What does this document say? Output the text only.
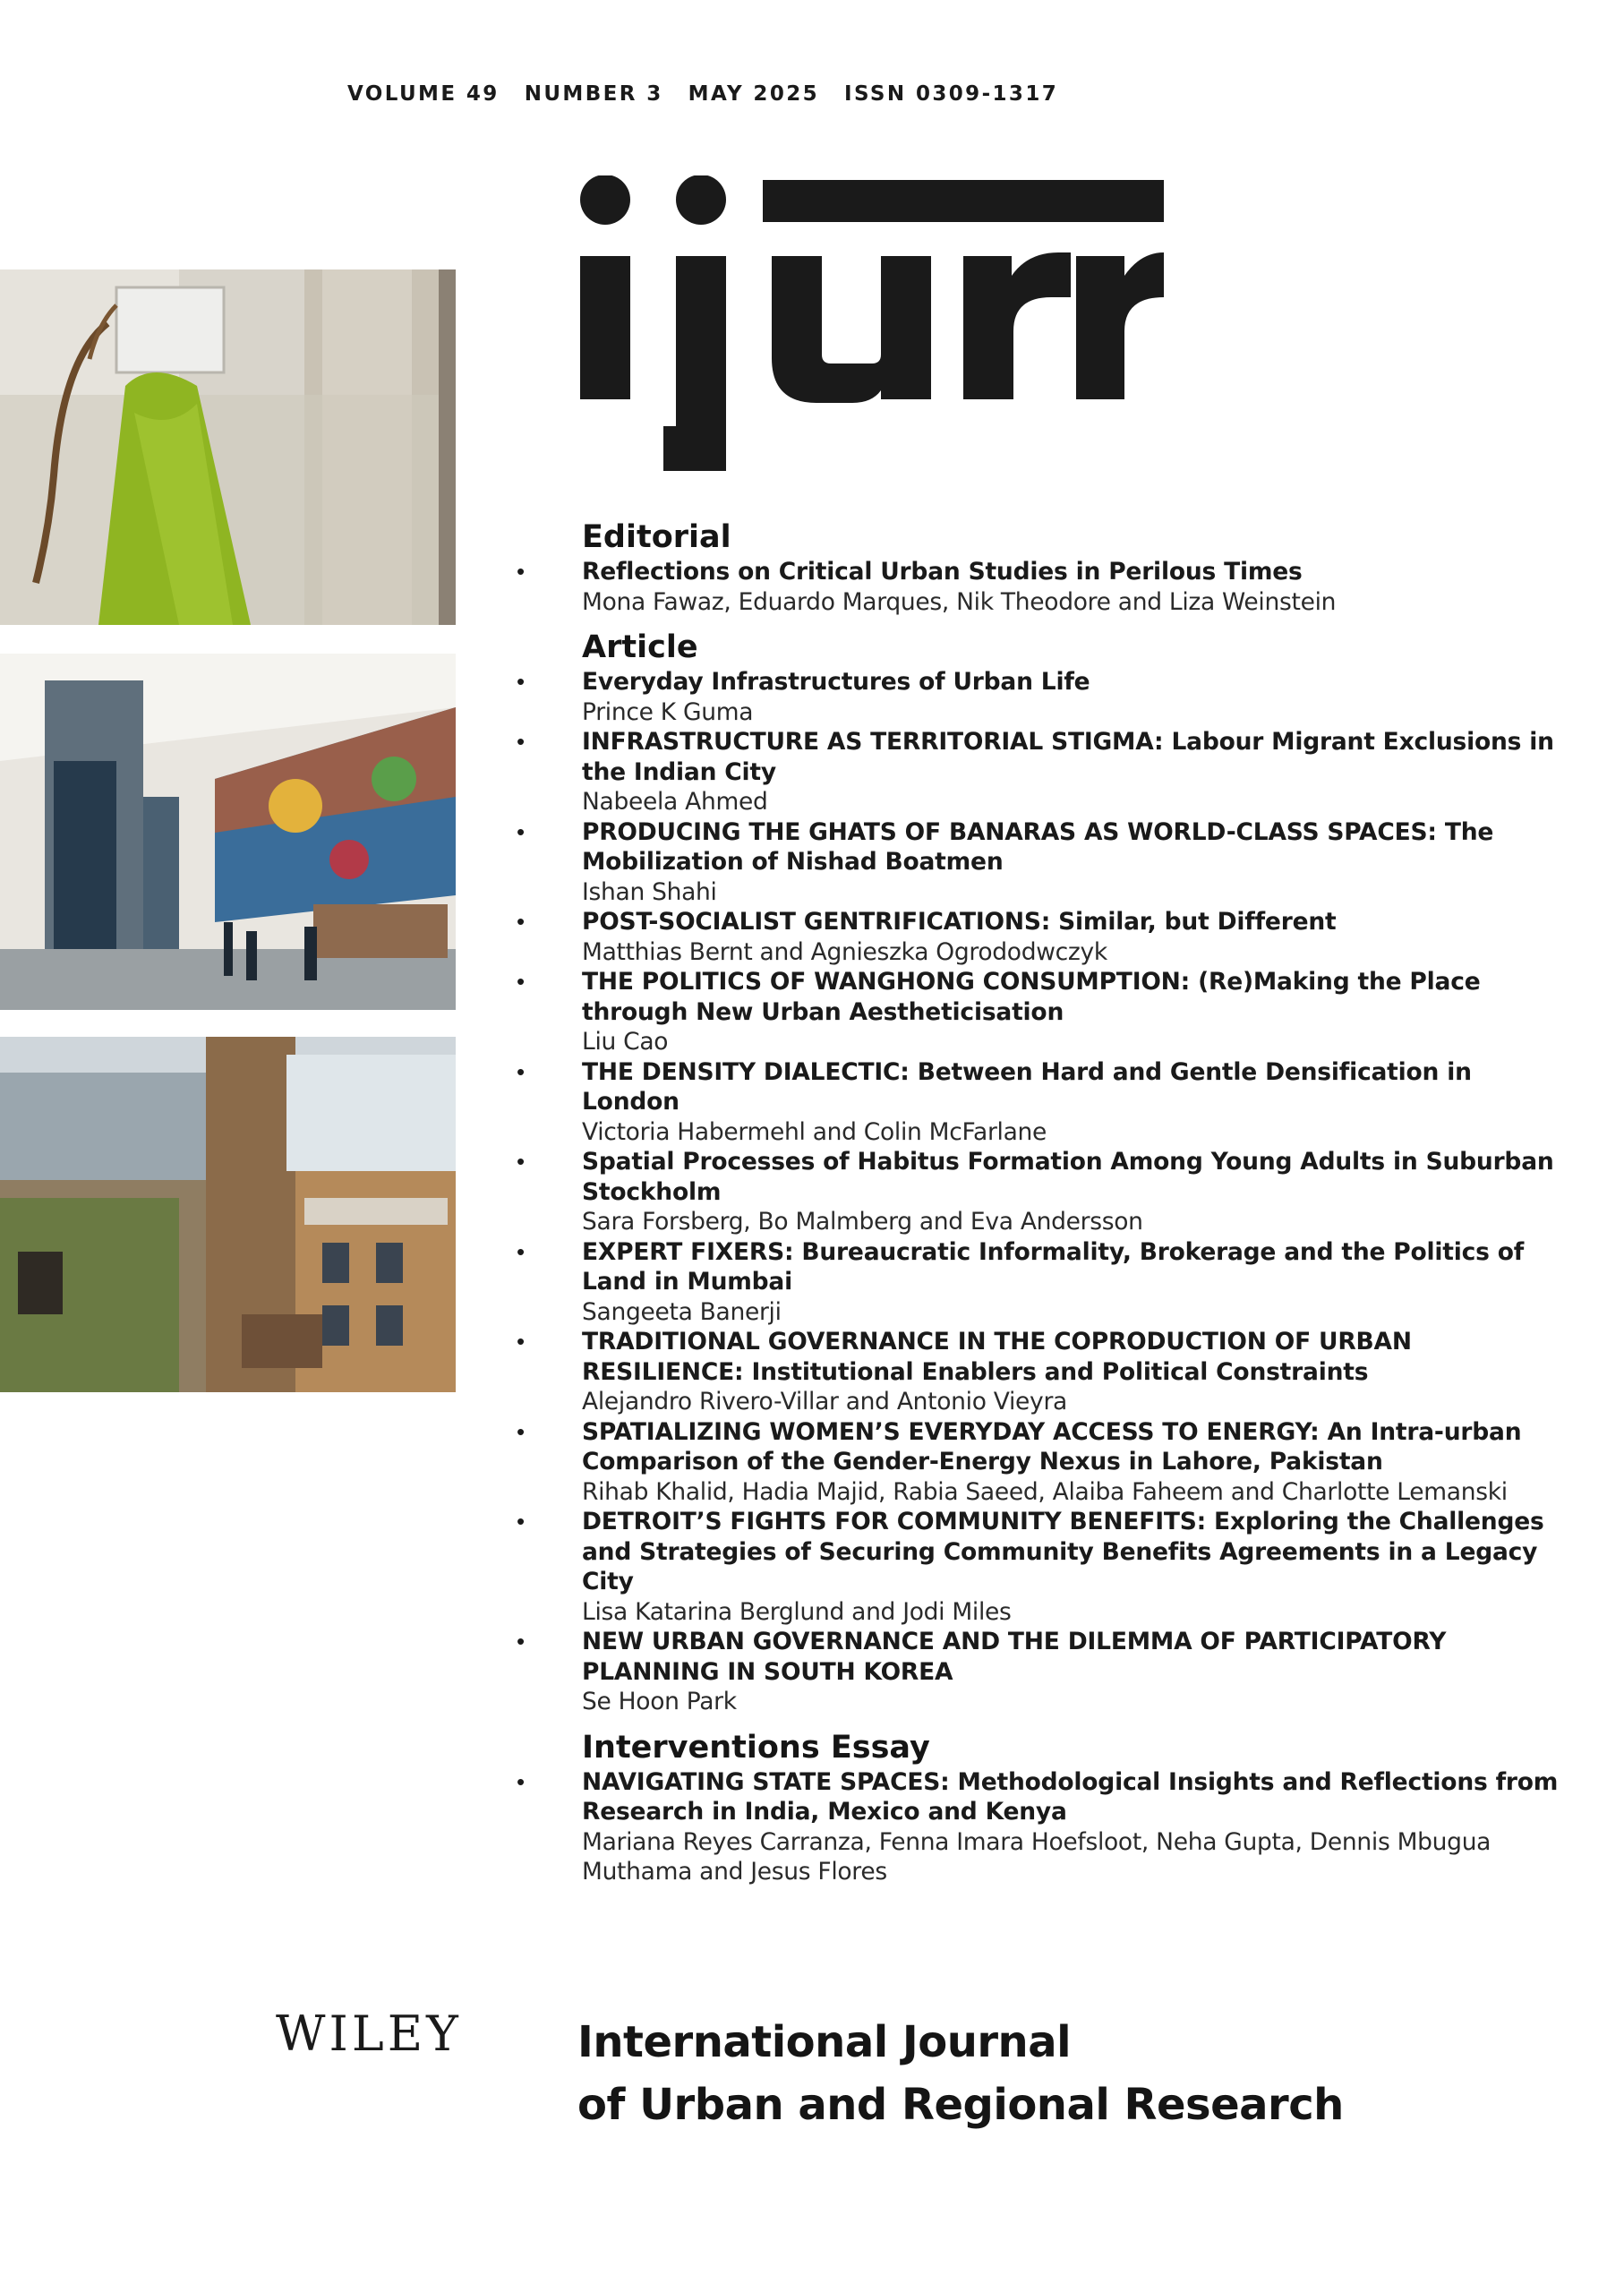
VOLUME 49 NUMBER 3 MAY 2025 ISSN 0309-1317
Editorial
• Reflections on Critical Urban Studies in Perilous Times
Mona Fawaz, Eduardo Marques, Nik Theodore and Liza Weinstein
Article
• Everyday Infrastructures of Urban Life
Prince K Guma
• INFRASTRUCTURE AS TERRITORIAL STIGMA: Labour Migrant Exclusions in the Indian City
Nabeela Ahmed
• PRODUCING THE GHATS OF BANARAS AS WORLD-CLASS SPACES: The Mobilization of Nishad Boatmen
Ishan Shahi
• POST-SOCIALIST GENTRIFICATIONS: Similar, but Different
Matthias Bernt and Agnieszka Ogrododwczyk
• THE POLITICS OF WANGHONG CONSUMPTION: (Re)Making the Place through New Urban Aestheticisation
Liu Cao
• THE DENSITY DIALECTIC: Between Hard and Gentle Densification in London
Victoria Habermehl and Colin McFarlane
• Spatial Processes of Habitus Formation Among Young Adults in Suburban Stockholm
Sara Forsberg, Bo Malmberg and Eva Andersson
• EXPERT FIXERS: Bureaucratic Informality, Brokerage and the Politics of Land in Mumbai
Sangeeta Banerji
• TRADITIONAL GOVERNANCE IN THE COPRODUCTION OF URBAN RESILIENCE: Institutional Enablers and Political Constraints
Alejandro Rivero-Villar and Antonio Vieyra
• SPATIALIZING WOMEN’S EVERYDAY ACCESS TO ENERGY: An Intra-urban Comparison of the Gender-Energy Nexus in Lahore, Pakistan
Rihab Khalid, Hadia Majid, Rabia Saeed, Alaiba Faheem and Charlotte Lemanski
• DETROIT’S FIGHTS FOR COMMUNITY BENEFITS: Exploring the Challenges and Strategies of Securing Community Benefits Agreements in a Legacy City
Lisa Katarina Berglund and Jodi Miles
• NEW URBAN GOVERNANCE AND THE DILEMMA OF PARTICIPATORY PLANNING IN SOUTH KOREA
Se Hoon Park
Interventions Essay
• NAVIGATING STATE SPACES: Methodological Insights and Reflections from Research in India, Mexico and Kenya
Mariana Reyes Carranza, Fenna Imara Hoefsloot, Neha Gupta, Dennis Mbugua Muthama and Jesus Flores
WILEY	International Journal
of Urban and Regional Research
